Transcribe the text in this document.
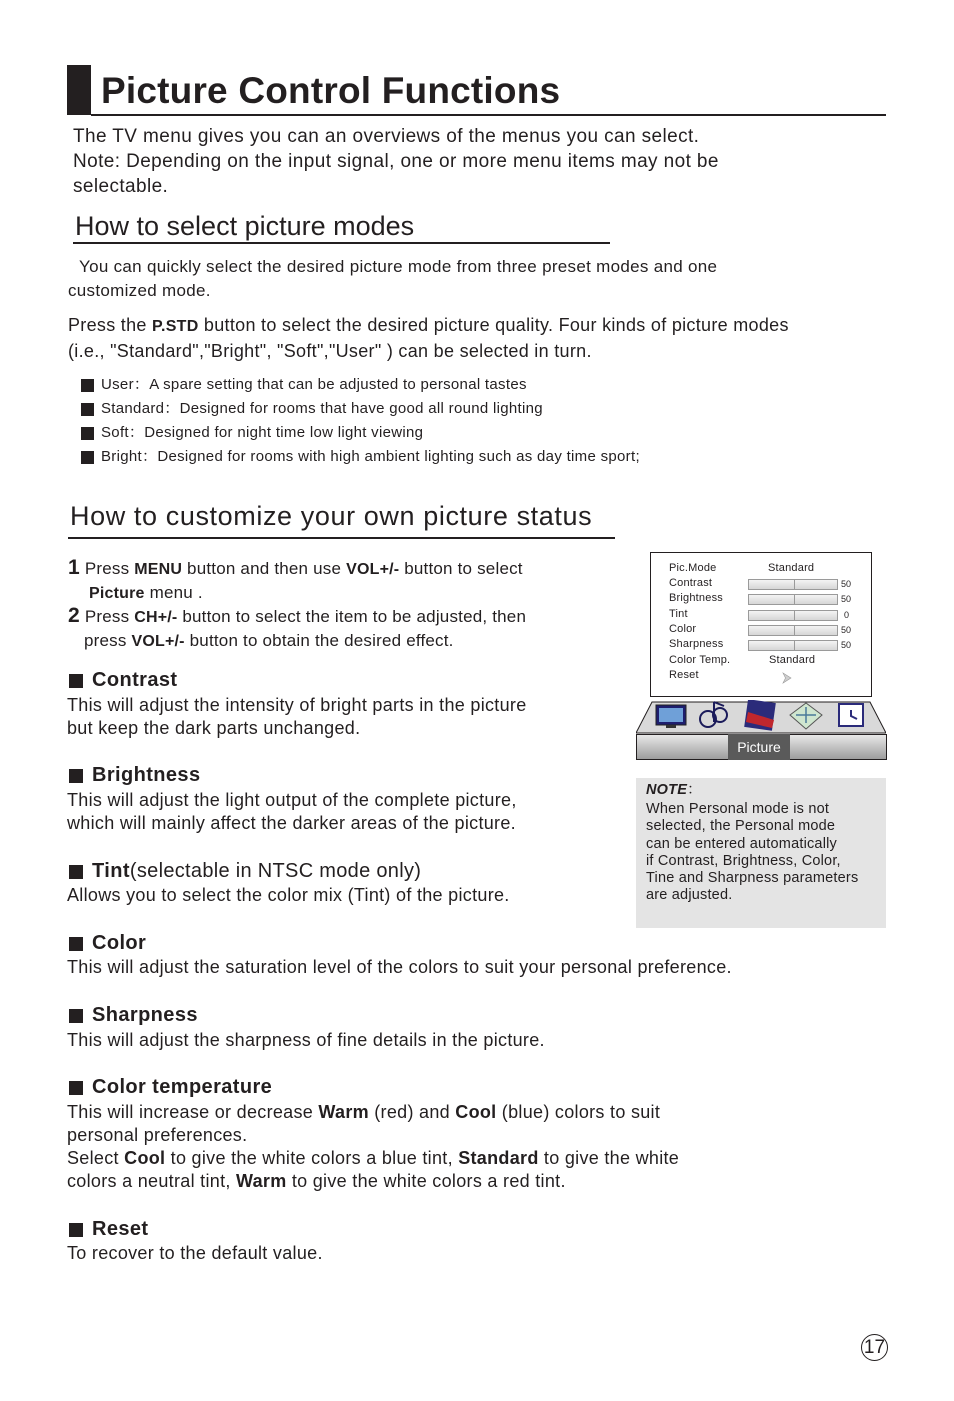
Picture Control Functions
The TV menu gives you can an overviews of the menus you can select.
Note: Depending on the input signal, one or more menu items may not be
selectable.
How to select picture modes
You can quickly select the desired picture mode from three preset modes and one
customized mode.
Press the P.STD button to select the desired picture quality. Four kinds of picture modes
(i.e., "Standard","Bright", "Soft","User" ) can be selected in turn.
User ： A spare setting that can be adjusted to personal tastes
Standard ： Designed for rooms that have good all round lighting
Soft ： Designed for night time low light viewing
Bright ： Designed for rooms with high ambient lighting such as day time sport;
How to customize your own picture status
1 Press MENU button and then use VOL+/- button to select
Picture menu .
2 Press CH+/- button to select the item to be adjusted, then
press VOL+/- button to obtain the desired effect.
Contrast
This will adjust the intensity of bright parts in the picture
but keep the dark parts unchanged.
Brightness
This will adjust the light output of the complete picture,
which will mainly affect the darker areas of the picture.
Tint (selectable in NTSC mode only)
Allows you to select the color mix (Tint) of the picture.
Color
This will adjust the saturation level of the colors to suit your personal preference.
Sharpness
This will adjust the sharpness of fine details in the picture.
Color temperature
This will increase or decrease Warm (red) and Cool (blue) colors to suit
personal preferences.
Select Cool to give the white colors a blue tint, Standard to give the white
colors a neutral tint, Warm to give the white colors a red tint.
Reset
To recover to the default value.
Pic.Mode	Standard
Contrast	50
Brightness	50
Tint	0
Color	50
Sharpness	50
Color Temp.	Standard
Reset
Picture
NOTE：
When Personal mode is not
selected, the Personal mode
can be entered automatically
if Contrast, Brightness, Color,
Tine and Sharpness parameters
are adjusted.
17
